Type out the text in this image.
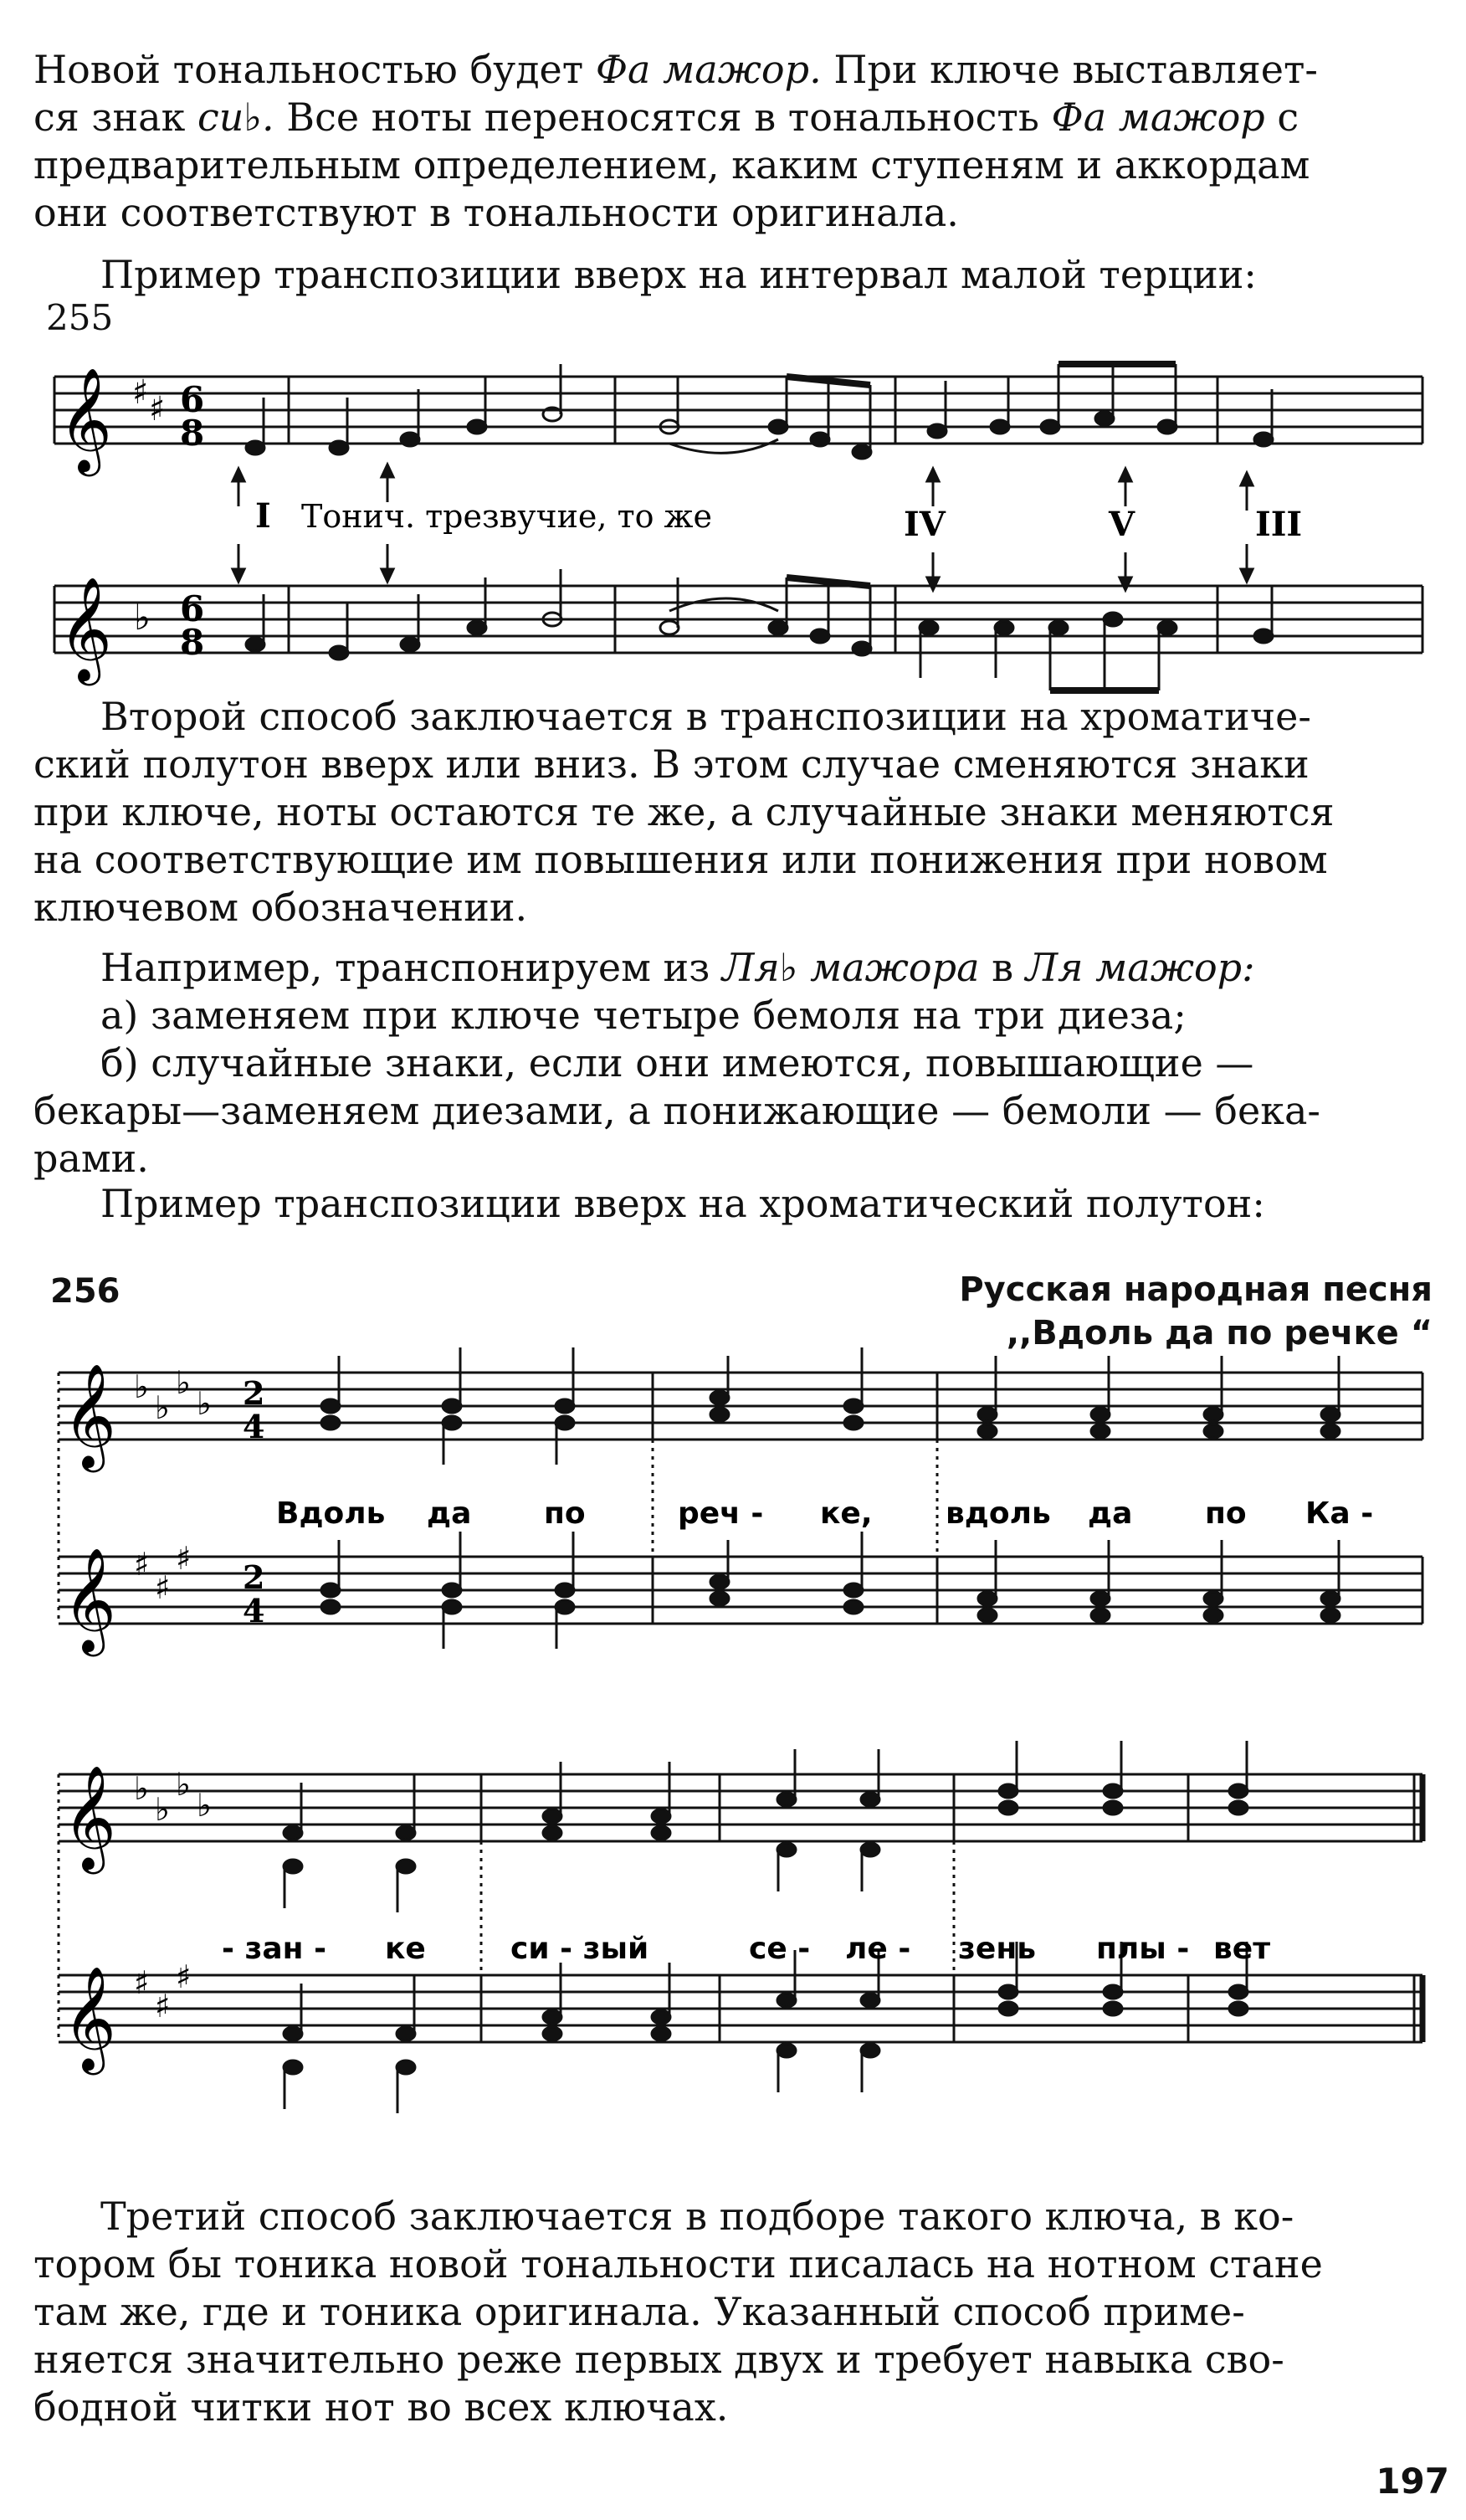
Новой тональностью будет Фа мажор. При ключе выставляет-
ся знак си♭. Все ноты переносятся в тональность Фа мажор с
предварительным определением, каким ступеням и аккордам
они соответствуют в тональности оригинала.
Пример транспозиции вверх на интервал малой терции:
255
𝄞 ♯ ♯ 6
8
I Тонич. трезвучие, то же	IV	V	III
𝄞 ♭ 6
8
Второй способ заключается в транспозиции на хроматиче-
ский полутон вверх или вниз. В этом случае сменяются знаки
при ключе, ноты остаются те же, а случайные знаки меняются
на соответствующие им повышения или понижения при новом
ключевом обозначении.
Например, транспонируем из Ля♭ мажора в Ля мажор:
а) заменяем при ключе четыре бемоля на три диеза;
б) случайные знаки, если они имеются, повышающие —
бекары—заменяем диезами, а понижающие — бемоли — бека-
рами.
Пример транспозиции вверх на хроматический полутон:
256	Русская народная песня
,,Вдоль да по речке “
𝄞 ♭
♭
♭
♭ 2
4
𝄞 ♯
♯
♯ 2
4
Вдоль да по	реч - ке, вдоль да по Ка -
𝄞 ♭
♭
♭
♭
𝄞 ♯
♯
♯
- зан - ке	си - зый	се - ле - зень плы - вет
Третий способ заключается в подборе такого ключа, в ко-
тором бы тоника новой тональности писалась на нотном стане
там же, где и тоника оригинала. Указанный способ приме-
няется значительно реже первых двух и требует навыка сво-
бодной читки нот во всех ключах.
197
